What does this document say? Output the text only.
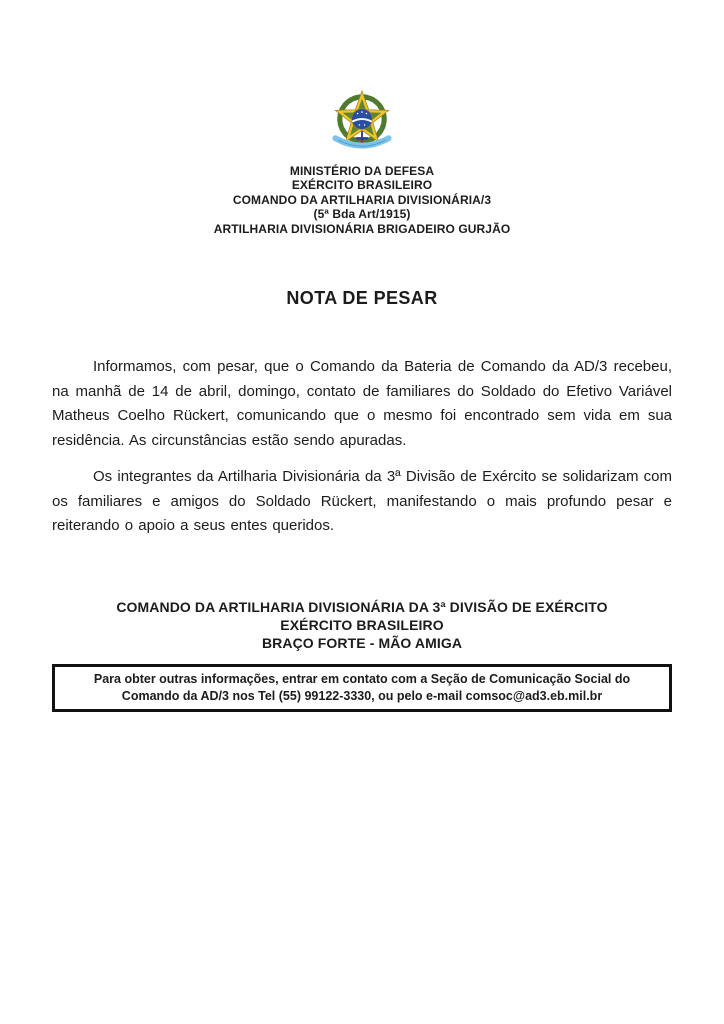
MINISTÉRIO DA DEFESA
EXÉRCITO BRASILEIRO
COMANDO DA ARTILHARIA DIVISIONÁRIA/3
(5ª Bda Art/1915)
ARTILHARIA DIVISIONÁRIA BRIGADEIRO GURJÃO
NOTA DE PESAR

Informamos, com pesar, que o Comando da Bateria de Comando da AD/3 recebeu, na manhã de 14 de abril, domingo, contato de familiares do Soldado do Efetivo Variável Matheus Coelho Rückert, comunicando que o mesmo foi encontrado sem vida em sua residência. As circunstâncias estão sendo apuradas.

Os integrantes da Artilharia Divisionária da 3ª Divisão de Exército se solidarizam com os familiares e amigos do Soldado Rückert, manifestando o mais profundo pesar e reiterando o apoio a seus entes queridos.

COMANDO DA ARTILHARIA DIVISIONÁRIA DA 3ª DIVISÃO DE EXÉRCITO
EXÉRCITO BRASILEIRO
BRAÇO FORTE - MÃO AMIGA

Para obter outras informações, entrar em contato com a Seção de Comunicação Social do Comando da AD/3 nos Tel (55) 99122-3330, ou pelo e-mail comsoc@ad3.eb.mil.br
